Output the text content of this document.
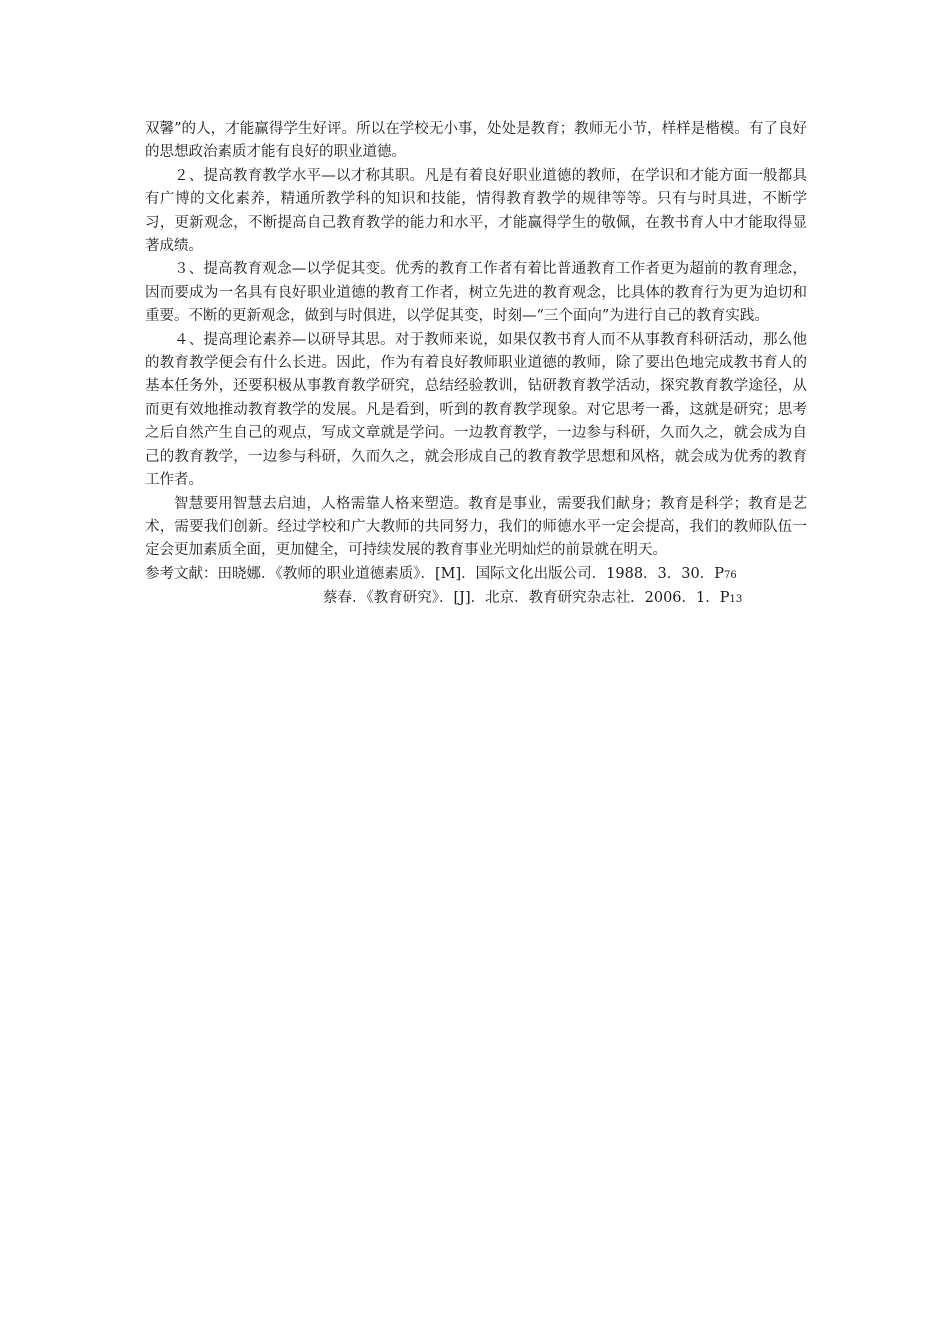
双馨”的人，才能赢得学生好评。所以在学校无小事，处处是教育；教师无小节，样样是楷模。有了良好的思想政治素质才能有良好的职业道德。

２、提高教育教学水平—以才称其职。凡是有着良好职业道德的教师，在学识和才能方面一般都具有广博的文化素养，精通所教学科的知识和技能，情得教育教学的规律等等。只有与时具进，不断学习，更新观念，不断提高自己教育教学的能力和水平，才能赢得学生的敬佩，在教书育人中才能取得显著成绩。

３、提高教育观念—以学促其变。优秀的教育工作者有着比普通教育工作者更为超前的教育理念，因而要成为一名具有良好职业道德的教育工作者，树立先进的教育观念，比具体的教育行为更为迫切和重要。不断的更新观念，做到与时俱进，以学促其变，时刻—“三个面向”为进行自己的教育实践。

４、提高理论素养—以研导其思。对于教师来说，如果仅教书育人而不从事教育科研活动，那么他的教育教学便会有什么长进。因此，作为有着良好教师职业道德的教师，除了要出色地完成教书育人的基本任务外，还要积极从事教育教学研究，总结经验教训，钻研教育教学活动，探究教育教学途径，从而更有效地推动教育教学的发展。凡是看到，听到的教育教学现象。对它思考一番，这就是研究；思考之后自然产生自己的观点，写成文章就是学问。一边教育教学，一边参与科研，久而久之，就会成为自己的教育教学，一边参与科研，久而久之，就会形成自己的教育教学思想和风格，就会成为优秀的教育工作者。

智慧要用智慧去启迪，人格需靠人格来塑造。教育是事业，需要我们献身；教育是科学；教育是艺术，需要我们创新。经过学校和广大教师的共同努力，我们的师德水平一定会提高，我们的教师队伍一定会更加素质全面，更加健全，可持续发展的教育事业光明灿烂的前景就在明天。

参考文献：田晓娜．《教师的职业道德素质》．[M]．国际文化出版公司．1988．3．30．P76
蔡春．《教育研究》．[J]．北京．教育研究杂志社．2006．1．P13
